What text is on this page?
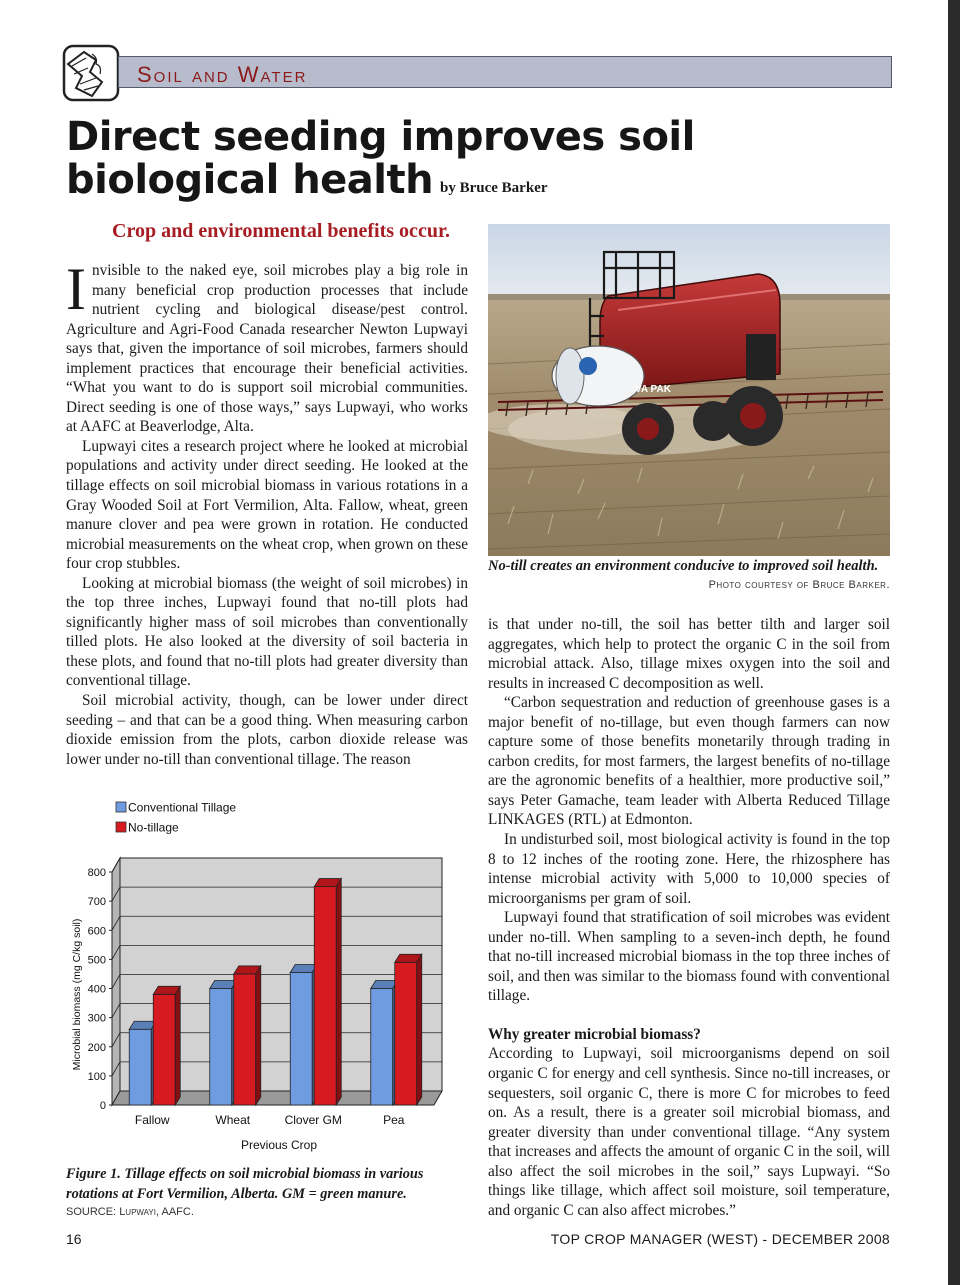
Soil and Water
Direct seeding improves soil
biological health by Bruce Barker
Crop and environmental benefits occur.

Invisible to the naked eye, soil microbes play a big role in many beneficial crop production processes that include nutrient cycling and biological disease/pest control. Agriculture and Agri-Food Canada researcher Newton Lupwayi says that, given the importance of soil microbes, farmers should implement practices that encourage their beneficial activities. “What you want to do is support soil microbial communities. Direct seeding is one of those ways,” says Lupwayi, who works at AAFC at Beaverlodge, Alta.

Lupwayi cites a research project where he looked at microbial populations and activity under direct seeding. He looked at the tillage effects on soil microbial biomass in various rotations in a Gray Wooded Soil at Fort Vermilion, Alta. Fallow, wheat, green manure clover and pea were grown in rotation. He conducted microbial measurements on the wheat crop, when grown on these four crop stubbles.

Looking at microbial biomass (the weight of soil microbes) in the top three inches, Lupwayi found that no-till plots had significantly higher mass of soil microbes than conventionally tilled plots. He also looked at the diversity of soil bacteria in these plots, and found that no-till plots had greater diversity than conventional tillage.

Soil microbial activity, though, can be lower under direct seeding – and that can be a good thing. When measuring carbon dioxide emission from the plots, carbon dioxide release was lower under no-till than conventional tillage. The reason

VA PAK
No-till creates an environment conducive to improved soil health.
Photo courtesy of Bruce Barker.

is that under no-till, the soil has better tilth and larger soil aggregates, which help to protect the organic C in the soil from microbial attack. Also, tillage mixes oxygen into the soil and results in increased C decomposition as well.

“Carbon sequestration and reduction of greenhouse gases is a major benefit of no-tillage, but even though farmers can now capture some of those benefits monetarily through trading in carbon credits, for most farmers, the largest benefits of no-tillage are the agronomic benefits of a healthier, more productive soil,” says Peter Gamache, team leader with Alberta Reduced Tillage LINKAGES (RTL) at Edmonton.

In undisturbed soil, most biological activity is found in the top 8 to 12 inches of the rooting zone. Here, the rhizosphere has intense microbial activity with 5,000 to 10,000 species of microorganisms per gram of soil.

Lupwayi found that stratification of soil microbes was evident under no-till. When sampling to a seven-inch depth, he found that no-till increased microbial biomass in the top three inches of soil, and then was similar to the biomass found with conventional tillage.

Why greater microbial biomass?

According to Lupwayi, soil microorganisms depend on soil organic C for energy and cell synthesis. Since no-till increases, or sequesters, soil organic C, there is more C for microbes to feed on. As a result, there is a greater soil microbial biomass, and greater diversity than under conventional tillage. “Any system that increases and affects the amount of organic C in the soil, will also affect the soil microbes in the soil,” says Lupwayi. “So things like tillage, which affect soil moisture, soil temperature, and organic C can also affect microbes.”

Conventional Tillage
No-tillage
0
100
200
300
400
500
600
700
800
Fallow	Wheat	Clover GM	Pea
Previous Crop
Microbial biomass (mg C/kg soil)
Figure 1. Tillage effects on soil microbial biomass in various rotations at Fort Vermilion, Alberta. GM = green manure.
SOURCE: Lupwayi, AAFC.
16	TOP CROP MANAGER (WEST) - DECEMBER 2008
